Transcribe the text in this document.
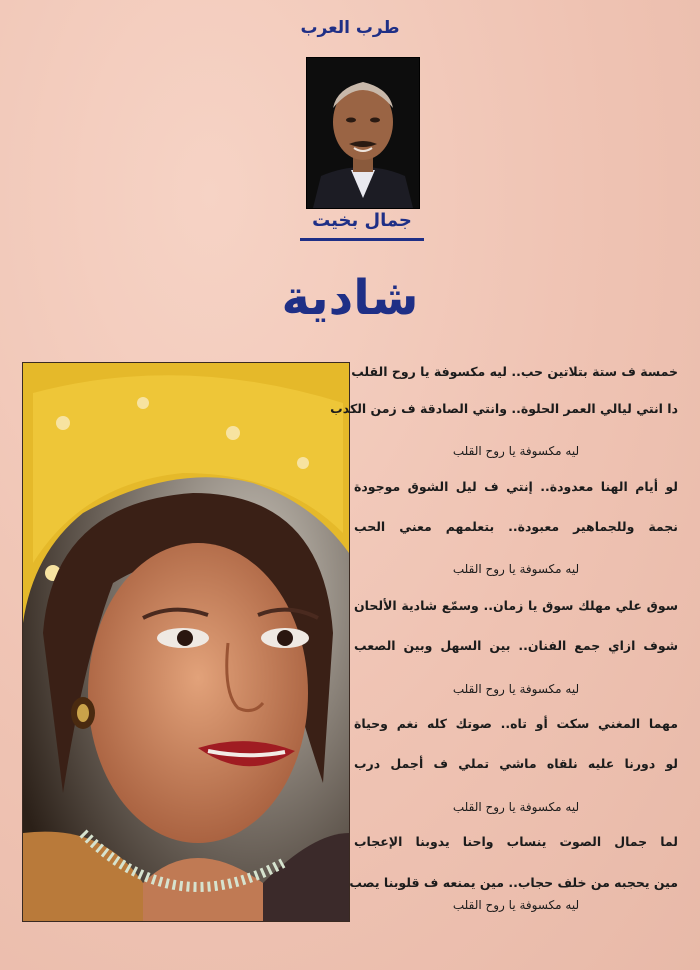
طرب العرب
جمال بخيت
شادية
خمسة ف ستة بتلاتين حب.. ليه مكسوفة يا روح القلب
دا انتي ليالي العمر الحلوة.. وانتي الصادقة ف زمن الكدب
ليه مكسوفة يا روح القلب
لو أيام الهنا معدودة.. إنتي ف ليل الشوق موجودة
نجمة وللجماهير معبودة.. بتعلمهم معني الحب
ليه مكسوفة يا روح القلب
سوق علي مهلك سوق يا زمان.. وسمّع شادية الألحان
شوف ازاي جمع الفنان.. بين السهل وبين الصعب
ليه مكسوفة يا روح القلب
مهما المغني سكت أو تاه.. صوتك كله نغم وحياة
لو دورنا عليه نلقاه ماشي تملي ف أجمل درب
ليه مكسوفة يا روح القلب
لما جمال الصوت ينساب واحنا يدوبنا الإعجاب
مين يحجبه من خلف حجاب.. مين يمنعه ف قلوبنا يصب
ليه مكسوفة يا روح القلب
